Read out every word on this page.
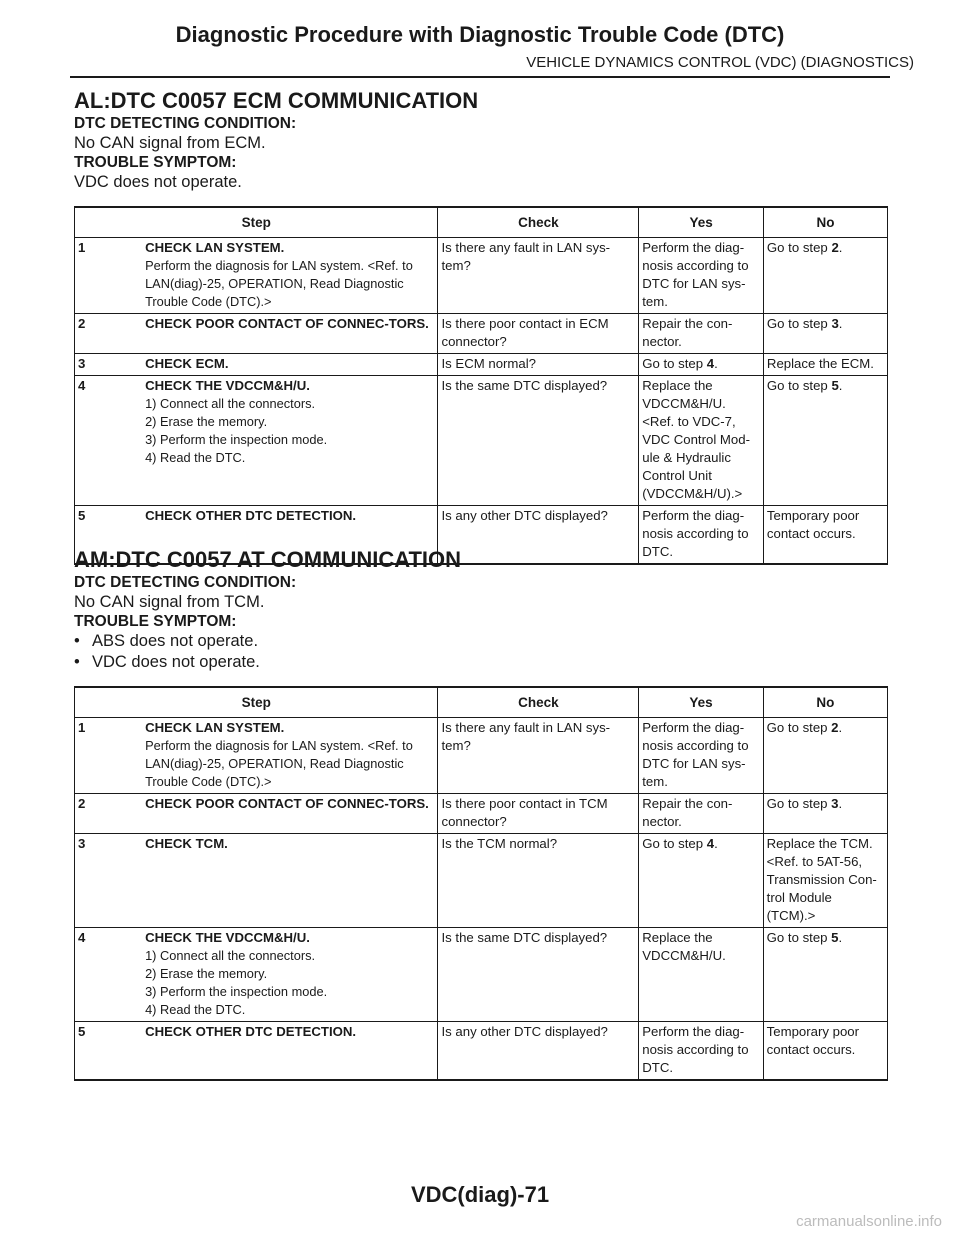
Diagnostic Procedure with Diagnostic Trouble Code (DTC)
VEHICLE DYNAMICS CONTROL (VDC) (DIAGNOSTICS)
AL:DTC C0057 ECM COMMUNICATION
DTC DETECTING CONDITION:
No CAN signal from ECM.
TROUBLE SYMPTOM:
VDC does not operate.
Step		Check	Yes	No
1	CHECK LAN SYSTEM.
Perform the diagnosis for LAN system. <Ref. to LAN(diag)-25, OPERATION, Read Diagnostic Trouble Code (DTC).>	Is there any fault in LAN sys-tem?	Perform the diag-nosis according to DTC for LAN sys-tem.	Go to step 2.
2	CHECK POOR CONTACT OF CONNEC-TORS.	Is there poor contact in ECM connector?	Repair the con-nector.	Go to step 3.
3	CHECK ECM.	Is ECM normal?	Go to step 4.	Replace the ECM.
4	CHECK THE VDCCM&H/U.
1) Connect all the connectors.
2) Erase the memory.
3) Perform the inspection mode.
4) Read the DTC.	Is the same DTC displayed?	Replace the VDCCM&H/U. <Ref. to VDC-7, VDC Control Mod-ule & Hydraulic Control Unit (VDCCM&H/U).>	Go to step 5.
5	CHECK OTHER DTC DETECTION.	Is any other DTC displayed?	Perform the diag-nosis according to DTC.	Temporary poor contact occurs.
AM:DTC C0057 AT COMMUNICATION
DTC DETECTING CONDITION:
No CAN signal from TCM.
TROUBLE SYMPTOM:
• ABS does not operate.
• VDC does not operate.
Step		Check	Yes	No
1	CHECK LAN SYSTEM.
Perform the diagnosis for LAN system. <Ref. to LAN(diag)-25, OPERATION, Read Diagnostic Trouble Code (DTC).>	Is there any fault in LAN sys-tem?	Perform the diag-nosis according to DTC for LAN sys-tem.	Go to step 2.
2	CHECK POOR CONTACT OF CONNEC-TORS.	Is there poor contact in TCM connector?	Repair the con-nector.	Go to step 3.
3	CHECK TCM.	Is the TCM normal?	Go to step 4.	Replace the TCM. <Ref. to 5AT-56, Transmission Con-trol Module (TCM).>
4	CHECK THE VDCCM&H/U.
1) Connect all the connectors.
2) Erase the memory.
3) Perform the inspection mode.
4) Read the DTC.	Is the same DTC displayed?	Replace the VDCCM&H/U.	Go to step 5.
5	CHECK OTHER DTC DETECTION.	Is any other DTC displayed?	Perform the diag-nosis according to DTC.	Temporary poor contact occurs.
VDC(diag)-71
carmanualsonline.info
